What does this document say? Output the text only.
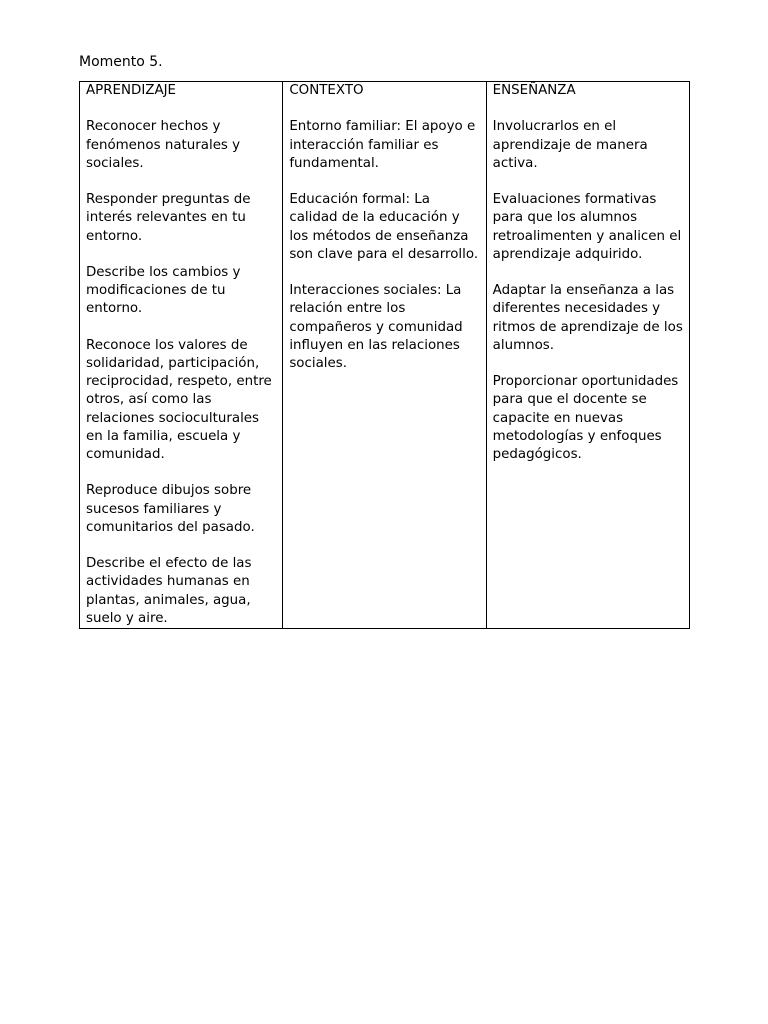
Momento 5.
APRENDIZAJE
Reconocer hechos y fenómenos naturales y sociales.
Responder preguntas de interés relevantes en tu entorno.
Describe los cambios y modificaciones de tu entorno.
Reconoce los valores de solidaridad, participación, reciprocidad, respeto, entre otros, así como las relaciones socioculturales en la familia, escuela y comunidad.
Reproduce dibujos sobre sucesos familiares y comunitarios del pasado.
Describe el efecto de las actividades humanas en plantas, animales, agua, suelo y aire.

CONTEXTO
Entorno familiar: El apoyo e interacción familiar es fundamental.
Educación formal: La calidad de la educación y los métodos de enseñanza son clave para el desarrollo.
Interacciones sociales: La relación entre los compañeros y comunidad influyen en las relaciones sociales.

ENSEÑANZA
Involucrarlos en el aprendizaje de manera activa.
Evaluaciones formativas para que los alumnos retroalimenten y analicen el aprendizaje adquirido.
Adaptar la enseñanza a las diferentes necesidades y ritmos de aprendizaje de los alumnos.
Proporcionar oportunidades para que el docente se capacite en nuevas metodologías y enfoques pedagógicos.
